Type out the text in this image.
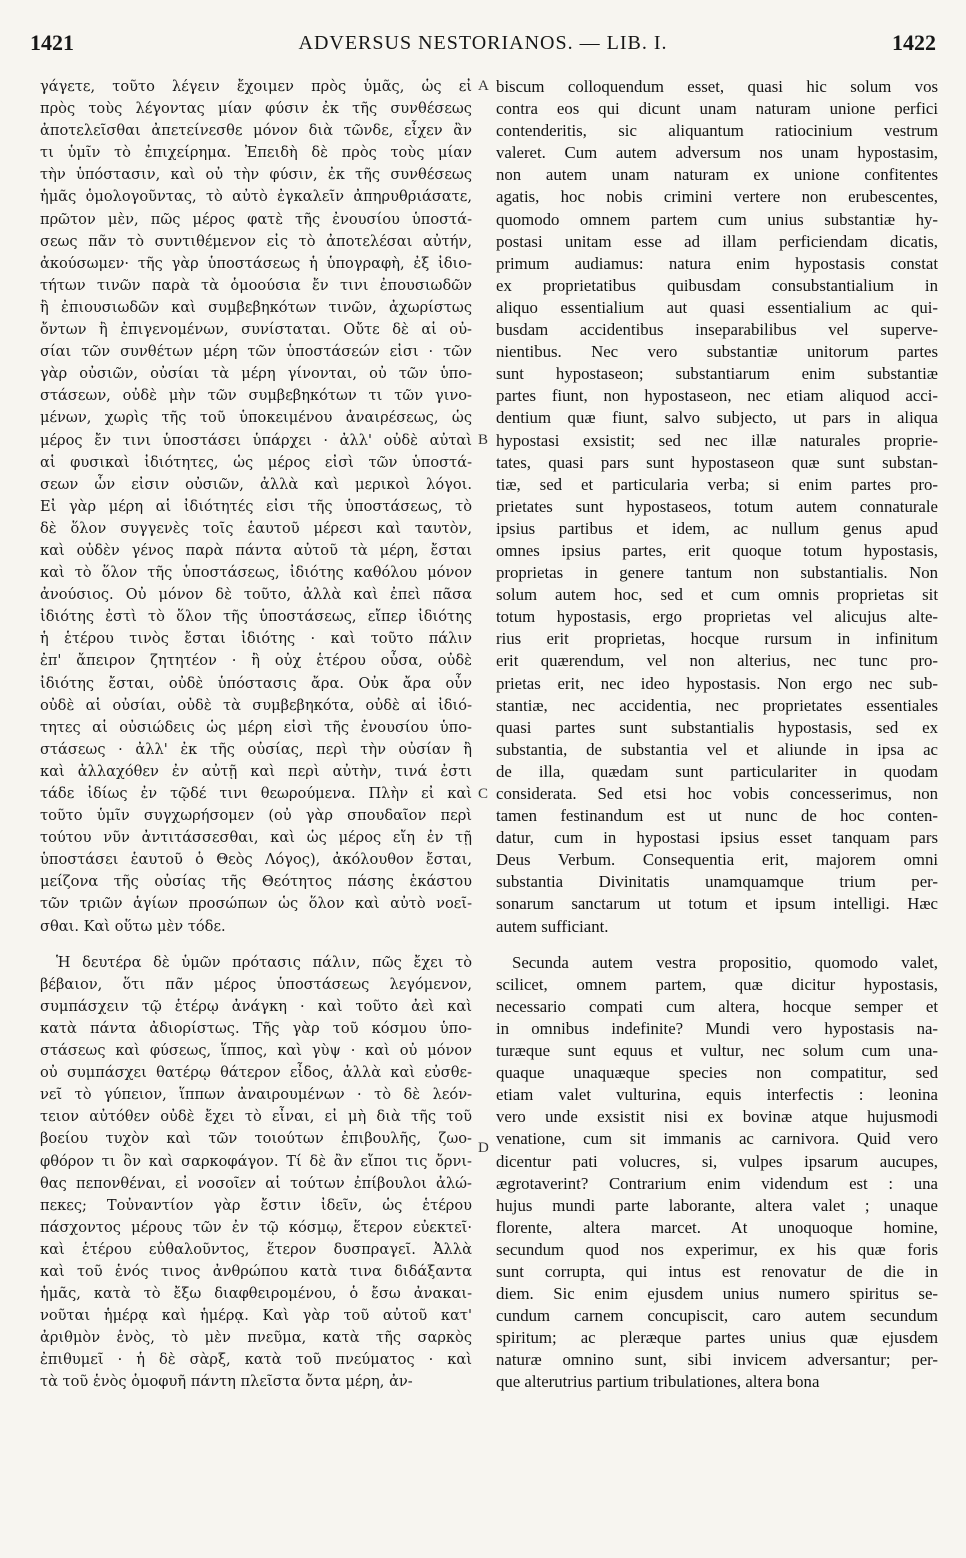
1421	ADVERSUS NESTORIANOS. — LIB. I.	1422
A
B
C
D
γάγετε, τοῦτο λέγειν ἔχοιμεν πρὸς ὑμᾶς, ὡς εἰ
πρὸς τοὺς λέγοντας μίαν φύσιν ἐκ τῆς συνθέσεως
ἀποτελεῖσθαι ἀπετείνεσθε μόνον διὰ τῶνδε, εἶχεν ἂν
τι ὑμῖν τὸ ἐπιχείρημα. Ἐπειδὴ δὲ πρὸς τοὺς μίαν
τὴν ὑπόστασιν, καὶ οὐ τὴν φύσιν, ἐκ τῆς συνθέσεως
ἡμᾶς ὁμολογοῦντας, τὸ αὐτὸ ἐγκαλεῖν ἀπηρυθριάσατε,
πρῶτον μὲν, πῶς μέρος φατὲ τῆς ἐνουσίου ὑποστά-
σεως πᾶν τὸ συντιθέμενον εἰς τὸ ἀποτελέσαι αὐτήν,
ἀκούσωμεν· τῆς γὰρ ὑποστάσεως ἡ ὑπογραφὴ, ἐξ ἰδιο-
τήτων τινῶν παρὰ τὰ ὁμοούσια ἔν τινι ἐπουσιωδῶν
ἢ ἐπιουσιωδῶν καὶ συμβεβηκότων τινῶν, ἀχωρίστως
ὄντων ἢ ἐπιγενομένων, συνίσταται. Οὔτε δὲ αἱ οὐ-
σίαι τῶν συνθέτων μέρη τῶν ὑποστάσεών εἰσι · τῶν
γὰρ οὐσιῶν, οὐσίαι τὰ μέρη γίνονται, οὐ τῶν ὑπο-
στάσεων, οὐδὲ μὴν τῶν συμβεβηκότων τι τῶν γινο-
μένων, χωρὶς τῆς τοῦ ὑποκειμένου ἀναιρέσεως, ὡς
μέρος ἔν τινι ὑποστάσει ὑπάρχει · ἀλλ' οὐδὲ αὐταὶ
αἱ φυσικαὶ ἰδιότητες, ὡς μέρος εἰσὶ τῶν ὑποστά-
σεων ὧν εἰσιν οὐσιῶν, ἀλλὰ καὶ μερικοὶ λόγοι.
Εἰ γὰρ μέρη αἱ ἰδιότητές εἰσι τῆς ὑποστάσεως, τὸ
δὲ ὅλον συγγενὲς τοῖς ἑαυτοῦ μέρεσι καὶ ταυτὸν,
καὶ οὐδὲν γένος παρὰ πάντα αὐτοῦ τὰ μέρη, ἔσται
καὶ τὸ ὅλον τῆς ὑποστάσεως, ἰδιότης καθόλου μόνον
ἀνούσιος. Οὐ μόνον δὲ τοῦτο, ἀλλὰ καὶ ἐπεὶ πᾶσα
ἰδιότης ἐστὶ τὸ ὅλον τῆς ὑποστάσεως, εἴπερ ἰδιότης
ἡ ἑτέρου τινὸς ἔσται ἰδιότης · καὶ τοῦτο πάλιν
ἐπ' ἄπειρον ζητητέον · ἢ οὐχ ἑτέρου οὖσα, οὐδὲ
ἰδιότης ἔσται, οὐδὲ ὑπόστασις ἄρα. Οὐκ ἄρα οὖν
οὐδὲ αἱ οὐσίαι, οὐδὲ τὰ συμβεβηκότα, οὐδὲ αἱ ἰδιό-
τητες αἱ οὐσιώδεις ὡς μέρη εἰσὶ τῆς ἐνουσίου ὑπο-
στάσεως · ἀλλ' ἐκ τῆς οὐσίας, περὶ τὴν οὐσίαν ἢ
καὶ ἀλλαχόθεν ἐν αὐτῇ καὶ περὶ αὐτὴν, τινά ἐστι
τάδε ἰδίως ἐν τῷδέ τινι θεωρούμενα. Πλὴν εἰ καὶ
τοῦτο ὑμῖν συγχωρήσομεν (οὐ γὰρ σπουδαῖον περὶ
τούτου νῦν ἀντιτάσσεσθαι, καὶ ὡς μέρος εἴη ἐν τῇ
ὑποστάσει ἑαυτοῦ ὁ Θεὸς Λόγος), ἀκόλουθον ἔσται,
μείζονα τῆς οὐσίας τῆς Θεότητος πάσης ἑκάστου
τῶν τριῶν ἁγίων προσώπων ὡς ὅλον καὶ αὐτὸ νοεῖ-
σθαι. Καὶ οὕτω μὲν τόδε.
Ἡ δευτέρα δὲ ὑμῶν πρότασις πάλιν, πῶς ἔχει τὸ
βέβαιον, ὅτι πᾶν μέρος ὑποστάσεως λεγόμενον,
συμπάσχειν τῷ ἑτέρῳ ἀνάγκη · καὶ τοῦτο ἀεὶ καὶ
κατὰ πάντα ἀδιορίστως. Τῆς γὰρ τοῦ κόσμου ὑπο-
στάσεως καὶ φύσεως, ἵππος, καὶ γὺψ · καὶ οὐ μόνον
οὐ συμπάσχει θατέρῳ θάτερον εἶδος, ἀλλὰ καὶ εὐσθε-
νεῖ τὸ γύπειον, ἵππων ἀναιρουμένων · τὸ δὲ λεόν-
τειον αὐτόθεν οὐδὲ ἔχει τὸ εἶναι, εἰ μὴ διὰ τῆς τοῦ
βοείου τυχὸν καὶ τῶν τοιούτων ἐπιβουλῆς, ζωο-
φθόρον τι ὂν καὶ σαρκοφάγον. Τί δὲ ἂν εἴποι τις ὄρνι-
θας πεπονθέναι, εἰ νοσοῖεν αἱ τούτων ἐπίβουλοι ἀλώ-
πεκες; Τοὐναντίον γὰρ ἔστιν ἰδεῖν, ὡς ἑτέρου
πάσχοντος μέρους τῶν ἐν τῷ κόσμῳ, ἕτερον εὐεκτεῖ·
καὶ ἑτέρου εὐθαλοῦντος, ἕτερον δυσπραγεῖ. Ἀλλὰ
καὶ τοῦ ἑνός τινος ἀνθρώπου κατὰ τινα διδάξαντα
ἡμᾶς, κατὰ τὸ ἔξω διαφθειρομένου, ὁ ἔσω ἀνακαι-
νοῦται ἡμέρᾳ καὶ ἡμέρᾳ. Καὶ γὰρ τοῦ αὐτοῦ κατ'
ἀριθμὸν ἑνὸς, τὸ μὲν πνεῦμα, κατὰ τῆς σαρκὸς
ἐπιθυμεῖ · ἡ δὲ σὰρξ, κατὰ τοῦ πνεύματος · καὶ
τὰ τοῦ ἑνὸς ὁμοφυῆ πάντη πλεῖστα ὄντα μέρη, ἀν-
biscum colloquendum esset, quasi hic solum vos
contra eos qui dicunt unam naturam unione perfici
contenderitis, sic aliquantum ratiocinium vestrum
valeret. Cum autem adversum nos unam hypostasim,
non autem unam naturam ex unione confitentes
agatis, hoc nobis crimini vertere non erubescentes,
quomodo omnem partem cum unius substantiæ hy-
postasi unitam esse ad illam perficiendam dicatis,
primum audiamus: natura enim hypostasis constat
ex proprietatibus quibusdam consubstantialium in
aliquo essentialium aut quasi essentialium ac qui-
busdam accidentibus inseparabilibus vel superve-
nientibus. Nec vero substantiæ unitorum partes
sunt hypostaseon; substantiarum enim substantiæ
partes fiunt, non hypostaseon, nec etiam aliquod acci-
dentium quæ fiunt, salvo subjecto, ut pars in aliqua
hypostasi exsistit; sed nec illæ naturales proprie-
tates, quasi pars sunt hypostaseon quæ sunt substan-
tiæ, sed et particularia verba; si enim partes pro-
prietates sunt hypostaseos, totum autem connaturale
ipsius partibus et idem, ac nullum genus apud
omnes ipsius partes, erit quoque totum hypostasis,
proprietas in genere tantum non substantialis. Non
solum autem hoc, sed et cum omnis proprietas sit
totum hypostasis, ergo proprietas vel alicujus alte-
rius erit proprietas, hocque rursum in infinitum
erit quærendum, vel non alterius, nec tunc pro-
prietas erit, nec ideo hypostasis. Non ergo nec sub-
stantiæ, nec accidentia, nec proprietates essentiales
quasi partes sunt substantialis hypostasis, sed ex
substantia, de substantia vel et aliunde in ipsa ac
de illa, quædam sunt particulariter in quodam
considerata. Sed etsi hoc vobis concesserimus, non
tamen festinandum est ut nunc de hoc conten-
datur, cum in hypostasi ipsius esset tanquam pars
Deus Verbum. Consequentia erit, majorem omni
substantia Divinitatis unamquamque trium per-
sonarum sanctarum ut totum et ipsum intelligi. Hæc
autem sufficiant.
Secunda autem vestra propositio, quomodo valet,
scilicet, omnem partem, quæ dicitur hypostasis,
necessario compati cum altera, hocque semper et
in omnibus indefinite? Mundi vero hypostasis na-
turæque sunt equus et vultur, nec solum cum una-
quaque unaquæque species non compatitur, sed
etiam valet vulturina, equis interfectis : leonina
vero unde exsistit nisi ex bovinæ atque hujusmodi
venatione, cum sit immanis ac carnivora. Quid vero
dicentur pati volucres, si, vulpes ipsarum aucupes,
ægrotaverint? Contrarium enim videndum est : una
hujus mundi parte laborante, altera valet ; unaque
florente, altera marcet. At unoquoque homine,
secundum quod nos experimur, ex his quæ foris
sunt corrupta, qui intus est renovatur de die in
diem. Sic enim ejusdem unius numero spiritus se-
cundum carnem concupiscit, caro autem secundum
spiritum; ac pleræque partes unius quæ ejusdem
naturæ omnino sunt, sibi invicem adversantur; per-
que alterutrius partium tribulationes, altera bona
